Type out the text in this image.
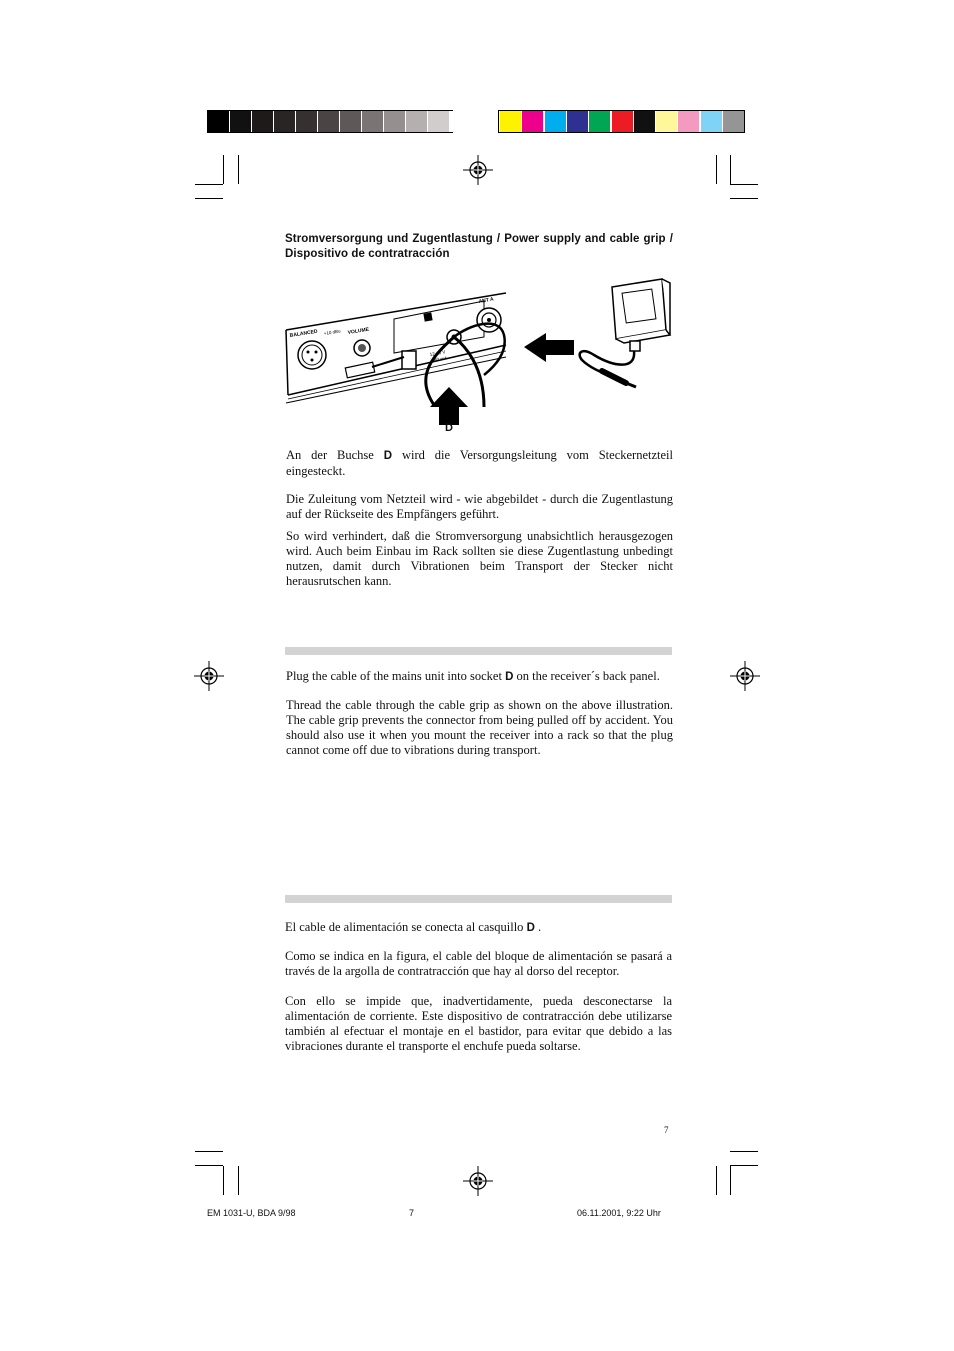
Stromversorgung und Zugentlastung / Power supply and cable grip / Dispositivo de contratracción
BALANCED +10 dBu VOLUME
12-18 V
180 mA
ANT A
D
An der Buchse D wird die Versorgungsleitung vom Steckernetzteil eingesteckt.
Die Zuleitung vom Netzteil wird - wie abgebildet - durch die Zugentlastung auf der Rückseite des Empfängers geführt.
So wird verhindert, daß die Stromversorgung unabsichtlich herausgezogen wird. Auch beim Einbau im Rack sollten sie diese Zugentlastung unbedingt nutzen, damit durch Vibrationen beim Transport der Stecker nicht herausrutschen kann.
Plug the cable of the mains unit into socket D on the receiver´s back panel.
Thread the cable through the cable grip as shown on the above illustration. The cable grip prevents the connector from being pulled off by accident. You should also use it when you mount the receiver into a rack so that the plug cannot come off due to vibrations during transport.
El cable de alimentación se conecta al casquillo D .
Como se indica en la figura, el cable del bloque de alimentación se pasará a través de la argolla de contratracción que hay al dorso del receptor.
Con ello se impide que, inadvertidamente, pueda desconectarse la alimentación de corriente. Este dispositivo de contratracción debe utilizarse también al efectuar el montaje en el bastidor, para evitar que debido a las vibraciones durante el transporte el enchufe pueda soltarse.
7
EM 1031-U, BDA 9/98	7	06.11.2001, 9:22 Uhr
